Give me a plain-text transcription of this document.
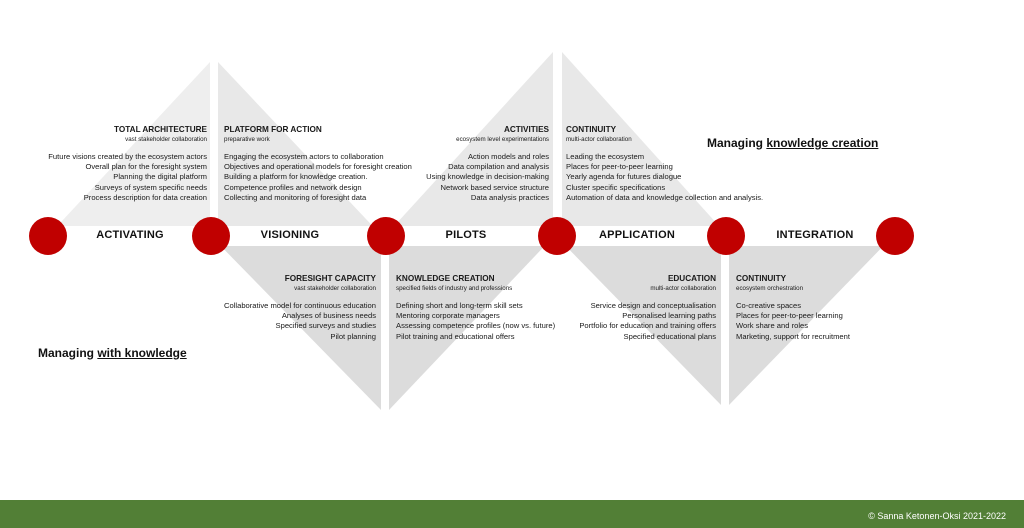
ACTIVATING	VISIONING	PILOTS	APPLICATION	INTEGRATION
TOTAL ARCHITECTURE
vast stakeholder collaboration
Future visions created by the ecosystem actors
Overall plan for the foresight system
Planning the digital platform
Surveys of system specific needs
Process description for data creation
PLATFORM FOR ACTION
preparative work
Engaging the ecosystem actors to collaboration
Objectives and operational models for foresight creation
Building a platform for knowledge creation.
Competence profiles and network design
Collecting and monitoring of foresight data
ACTIVITIES
ecosystem level experimentations
Action models and roles
Data compilation and analysis
Using knowledge in decision-making
Network based service structure
Data analysis practices
CONTINUITY
multi-actor collaboration
Leading the ecosystem
Places for peer-to-peer learning
Yearly agenda for futures dialogue
Cluster specific specifications
Automation of data and knowledge collection and analysis.
FORESIGHT CAPACITY
vast stakeholder collaboration
Collaborative model for continuous education
Analyses of business needs
Specified surveys and studies
Pilot planning
KNOWLEDGE CREATION
specified fields of industry and professions
Defining short and long-term skill sets
Mentoring corporate managers
Assessing competence profiles (now vs. future)
Pilot training and educational offers
EDUCATION
multi-actor collaboration
Service design and conceptualisation
Personalised learning paths
Portfolio for education and training offers
Specified educational plans
CONTINUITY
ecosystem orchestration
Co-creative spaces
Places for peer-to-peer learning
Work share and roles
Marketing, support for recruitment
Managing knowledge creation
Managing with knowledge
© Sanna Ketonen-Oksi 2021-2022
